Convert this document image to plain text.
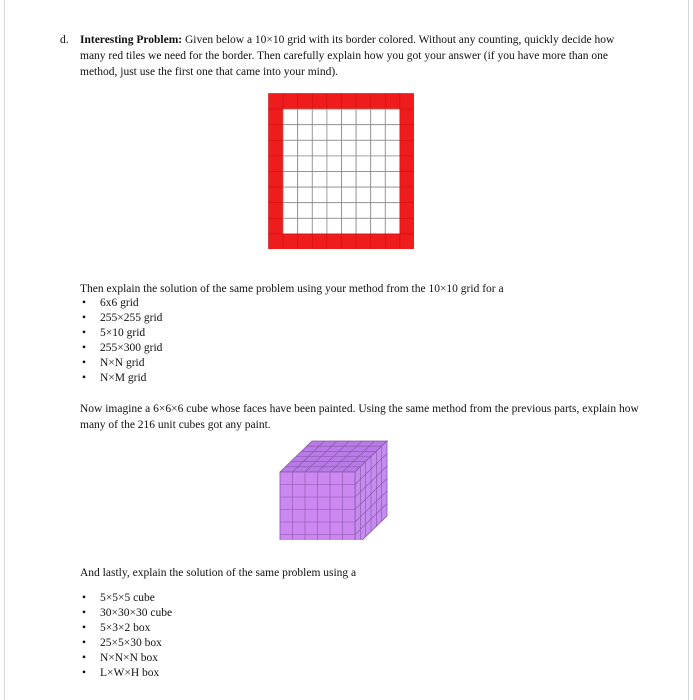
d. Interesting Problem: Given below a 10×10 grid with its border colored. Without any counting, quickly decide how many red tiles we need for the border. Then carefully explain how you got your answer (if you have more than one method, just use the first one that came into your mind).
Then explain the solution of the same problem using your method from the 10×10 grid for a
• 6x6 grid
• 255×255 grid
• 5×10 grid
• 255×300 grid
• N×N grid
• N×M grid
Now imagine a 6×6×6 cube whose faces have been painted. Using the same method from the previous parts, explain how many of the 216 unit cubes got any paint.
And lastly, explain the solution of the same problem using a
• 5×5×5 cube
• 30×30×30 cube
• 5×3×2 box
• 25×5×30 box
• N×N×N box
• L×W×H box
